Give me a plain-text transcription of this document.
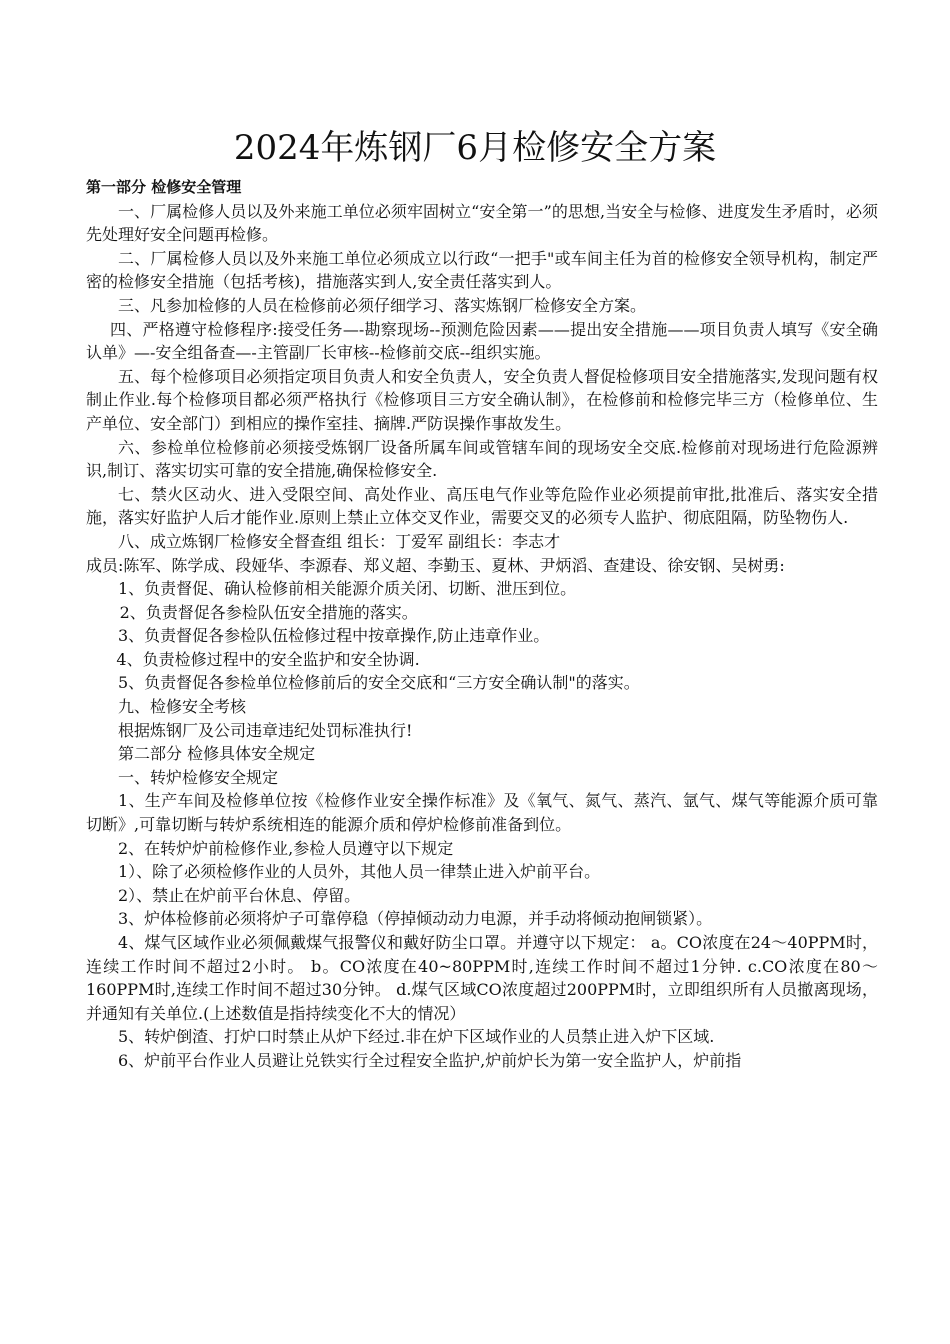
2024年炼钢厂6月检修安全方案

第一部分 检修安全管理

一、厂属检修人员以及外来施工单位必须牢固树立“安全第一”的思想,当安全与检修、进度发生矛盾时，必须先处理好安全问题再检修。

二、厂属检修人员以及外来施工单位必须成立以行政“一把手"或车间主任为首的检修安全领导机构，制定严密的检修安全措施（包括考核)，措施落实到人,安全责任落实到人。

三、凡参加检修的人员在检修前必须仔细学习、落实炼钢厂检修安全方案。

四、严格遵守检修程序:接受任务—-勘察现场--预测危险因素——提出安全措施——项目负责人填写《安全确认单》—-安全组备查—-主管副厂长审核--检修前交底--组织实施。

五、每个检修项目必须指定项目负责人和安全负责人，安全负责人督促检修项目安全措施落实,发现问题有权制止作业.每个检修项目都必须严格执行《检修项目三方安全确认制》，在检修前和检修完毕三方（检修单位、生产单位、安全部门）到相应的操作室挂、摘牌.严防误操作事故发生。

六、参检单位检修前必须接受炼钢厂设备所属车间或管辖车间的现场安全交底.检修前对现场进行危险源辨识,制订、落实切实可靠的安全措施,确保检修安全.

七、禁火区动火、进入受限空间、高处作业、高压电气作业等危险作业必须提前审批,批准后、落实安全措施，落实好监护人后才能作业.原则上禁止立体交叉作业，需要交叉的必须专人监护、彻底阻隔，防坠物伤人.

八、成立炼钢厂检修安全督查组 组长：丁爱军 副组长：李志才

成员:陈军、陈学成、段娅华、李源春、郑义超、李勤玉、夏林、尹炳滔、查建设、徐安钢、吴树勇:

1、负责督促、确认检修前相关能源介质关闭、切断、泄压到位。

2、负责督促各参检队伍安全措施的落实。

3、负责督促各参检队伍检修过程中按章操作,防止违章作业。

4、负责检修过程中的安全监护和安全协调.

5、负责督促各参检单位检修前后的安全交底和“三方安全确认制"的落实。

九、检修安全考核

根据炼钢厂及公司违章违纪处罚标准执行!

第二部分 检修具体安全规定

一、转炉检修安全规定

1、生产车间及检修单位按《检修作业安全操作标准》及《氧气、氮气、蒸汽、氩气、煤气等能源介质可靠切断》,可靠切断与转炉系统相连的能源介质和停炉检修前准备到位。

2、在转炉炉前检修作业,参检人员遵守以下规定

1）、除了必须检修作业的人员外，其他人员一律禁止进入炉前平台。

2）、禁止在炉前平台休息、停留。

3、炉体检修前必须将炉子可靠停稳（停掉倾动动力电源，并手动将倾动抱闸锁紧）。

4、煤气区域作业必须佩戴煤气报警仪和戴好防尘口罩。并遵守以下规定： a。CO浓度在24～40PPM时，连续工作时间不超过2小时。 b。CO浓度在40~80PPM时,连续工作时间不超过1分钟. c.CO浓度在80～160PPM时,连续工作时间不超过30分钟。 d.煤气区域CO浓度超过200PPM时，立即组织所有人员撤离现场，并通知有关单位.(上述数值是指持续变化不大的情况）

5、转炉倒渣、打炉口时禁止从炉下经过.非在炉下区域作业的人员禁止进入炉下区域.

6、炉前平台作业人员避让兑铁实行全过程安全监护,炉前炉长为第一安全监护人，炉前指
